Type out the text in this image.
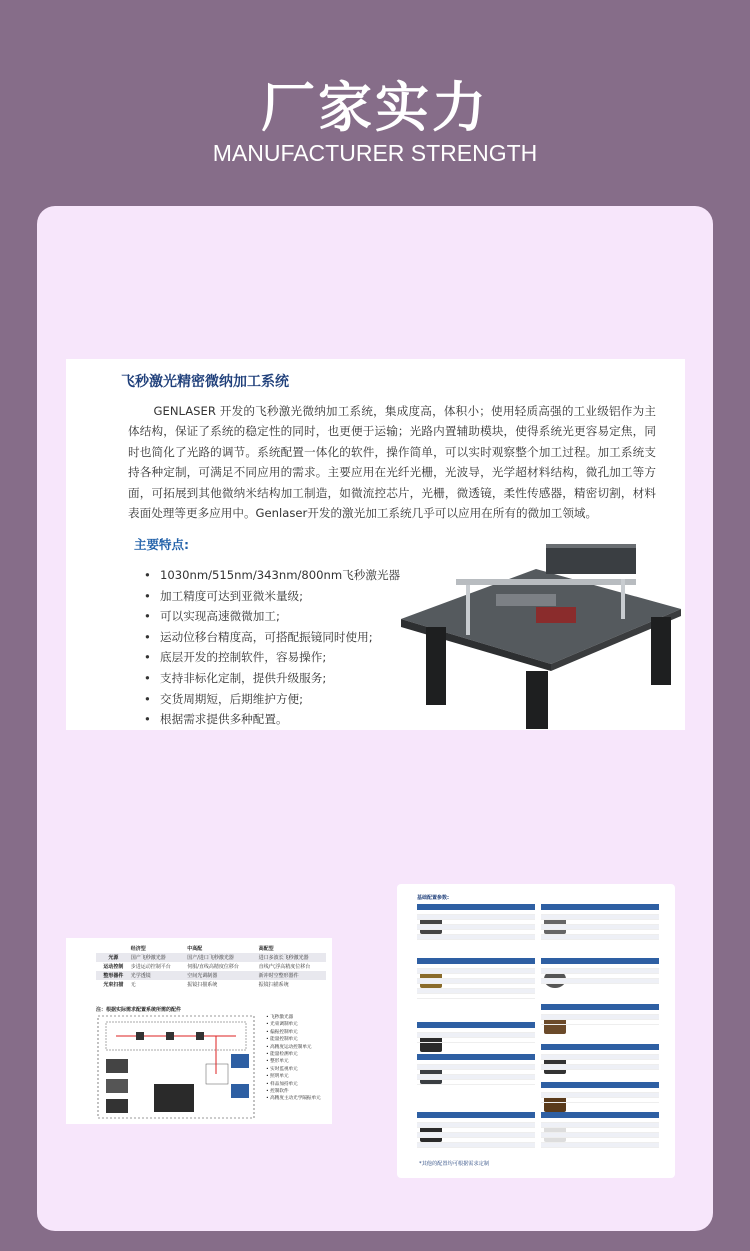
厂家实力
MANUFACTURER STRENGTH
飞秒激光精密微纳加工系统

GENLASER 开发的飞秒激光微纳加工系统，集成度高，体积小；使用轻质高强的工业级铝作为主体结构，保证了系统的稳定性的同时，也更便于运输；光路内置辅助模块，使得系统光更容易定焦，同时也简化了光路的调节。系统配置一体化的软件，操作简单，可以实时观察整个加工过程。加工系统支持各种定制，可满足不同应用的需求。主要应用在光纤光栅，光波导，光学超材料结构，微孔加工等方面，可拓展到其他微纳米结构加工制造，如微流控芯片，光栅，微透镜，柔性传感器，精密切割，材料表面处理等更多应用中。Genlaser开发的激光加工系统几乎可以应用在所有的微加工领域。

主要特点:
• 1030nm/515nm/343nm/800nm飞秒激光器
• 加工精度可达到亚微米量级;
• 可以实现高速微微加工;
• 运动位移台精度高，可搭配振镜同时使用;
• 底层开发的控制软件，容易操作;
• 支持非标化定制，提供升级服务;
• 交货周期短，后期维护方便;
• 根据需求提供多种配置。
	经济型	中高配	高配型
光源	国产飞秒激光器	国产/进口飞秒激光器	进口多波长飞秒激光器
运动控制	步进运动控制平台	伺服/直线高精度位移台	直线/气浮高精度位移台
整形器件	光学透镜	空间光调制器	新冲时空整形器件
光束扫描	无	振镜扫描系统	振镜扫描系统
注：根据实际需求配置系统所需的配件
• 飞秒激光器
• 光束调制单元
• 偏振控制单元
• 能量控制单元
• 高精度运动控制单元
• 能量检测单元
• 整形单元
• 实时监视单元
• 照明单元
• 样品加持单元
• 控制软件
• 高精度主动光学隔振单元
基础配置参数:
*其他的配置均可根据需求定制
